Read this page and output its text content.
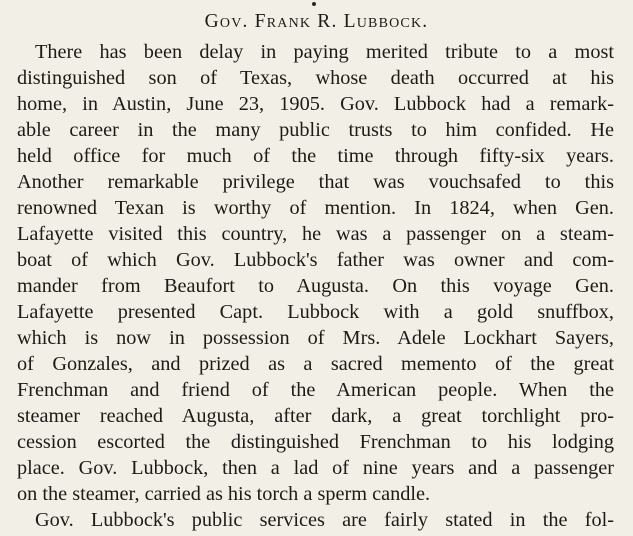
Gov. Frank R. Lubbock.
There has been delay in paying merited tribute to a most
distinguished son of Texas, whose death occurred at his
home, in Austin, June 23, 1905. Gov. Lubbock had a remark-
able career in the many public trusts to him confided. He
held office for much of the time through fifty-six years.
Another remarkable privilege that was vouchsafed to this
renowned Texan is worthy of mention. In 1824, when Gen.
Lafayette visited this country, he was a passenger on a steam-
boat of which Gov. Lubbock's father was owner and com-
mander from Beaufort to Augusta. On this voyage Gen.
Lafayette presented Capt. Lubbock with a gold snuffbox,
which is now in possession of Mrs. Adele Lockhart Sayers,
of Gonzales, and prized as a sacred memento of the great
Frenchman and friend of the American people. When the
steamer reached Augusta, after dark, a great torchlight pro-
cession escorted the distinguished Frenchman to his lodging
place. Gov. Lubbock, then a lad of nine years and a passenger
on the steamer, carried as his torch a sperm candle.
Gov. Lubbock's public services are fairly stated in the fol-
